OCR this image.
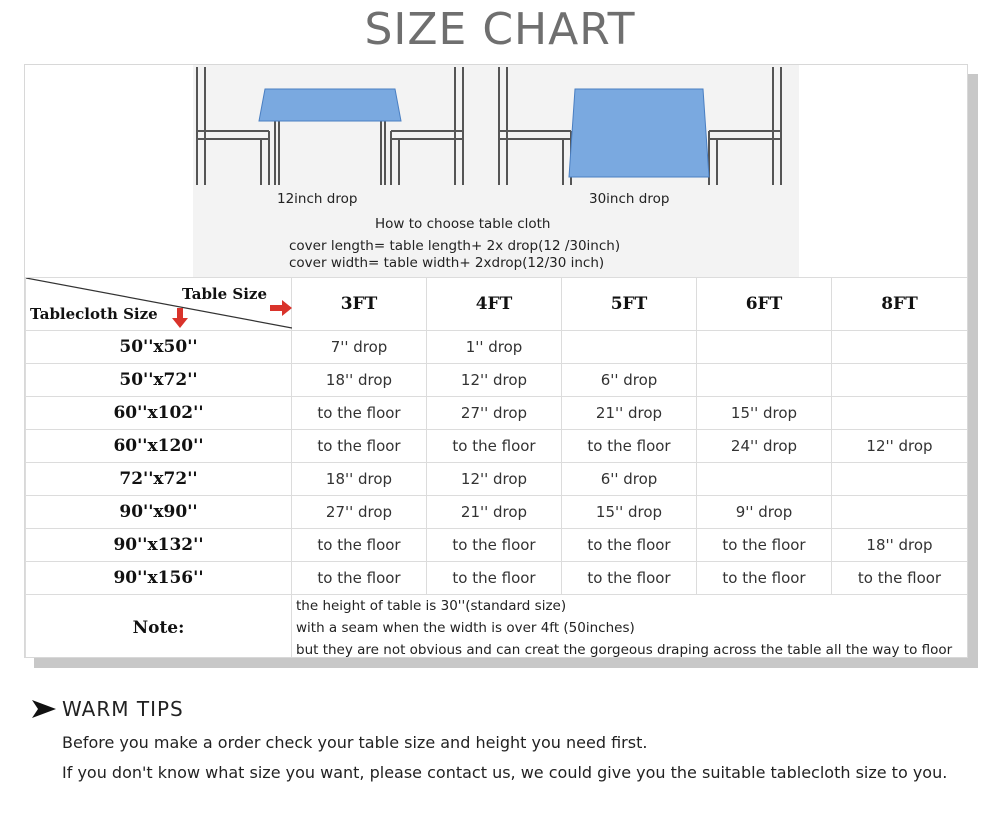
SIZE CHART
12inch drop	30inch drop
How to choose table cloth
cover length= table length+ 2x drop(12 /30inch)
cover width= table width+ 2xdrop(12/30 inch)
Table Size
Tablecloth Size	3FT	4FT	5FT	6FT	8FT
50''x50''	7'' drop	1'' drop			
50''x72''	18'' drop	12'' drop	6'' drop		
60''x102''	to the floor	27'' drop	21'' drop	15'' drop	
60''x120''	to the floor	to the floor	to the floor	24'' drop	12'' drop
72''x72''	18'' drop	12'' drop	6'' drop		
90''x90''	27'' drop	21'' drop	15'' drop	9'' drop	
90''x132''	to the floor	to the floor	to the floor	to the floor	18'' drop
90''x156''	to the floor	to the floor	to the floor	to the floor	to the floor
Note:	the height of table is 30''(standard size)
with a seam when the width is over 4ft (50inches)
but they are not obvious and can creat the gorgeous draping across the table all the way to floor				
WARM TIPS
Before you make a order check your table size and height you need first.
If you don't know what size you want, please contact us, we could give you the suitable tablecloth size to you.
